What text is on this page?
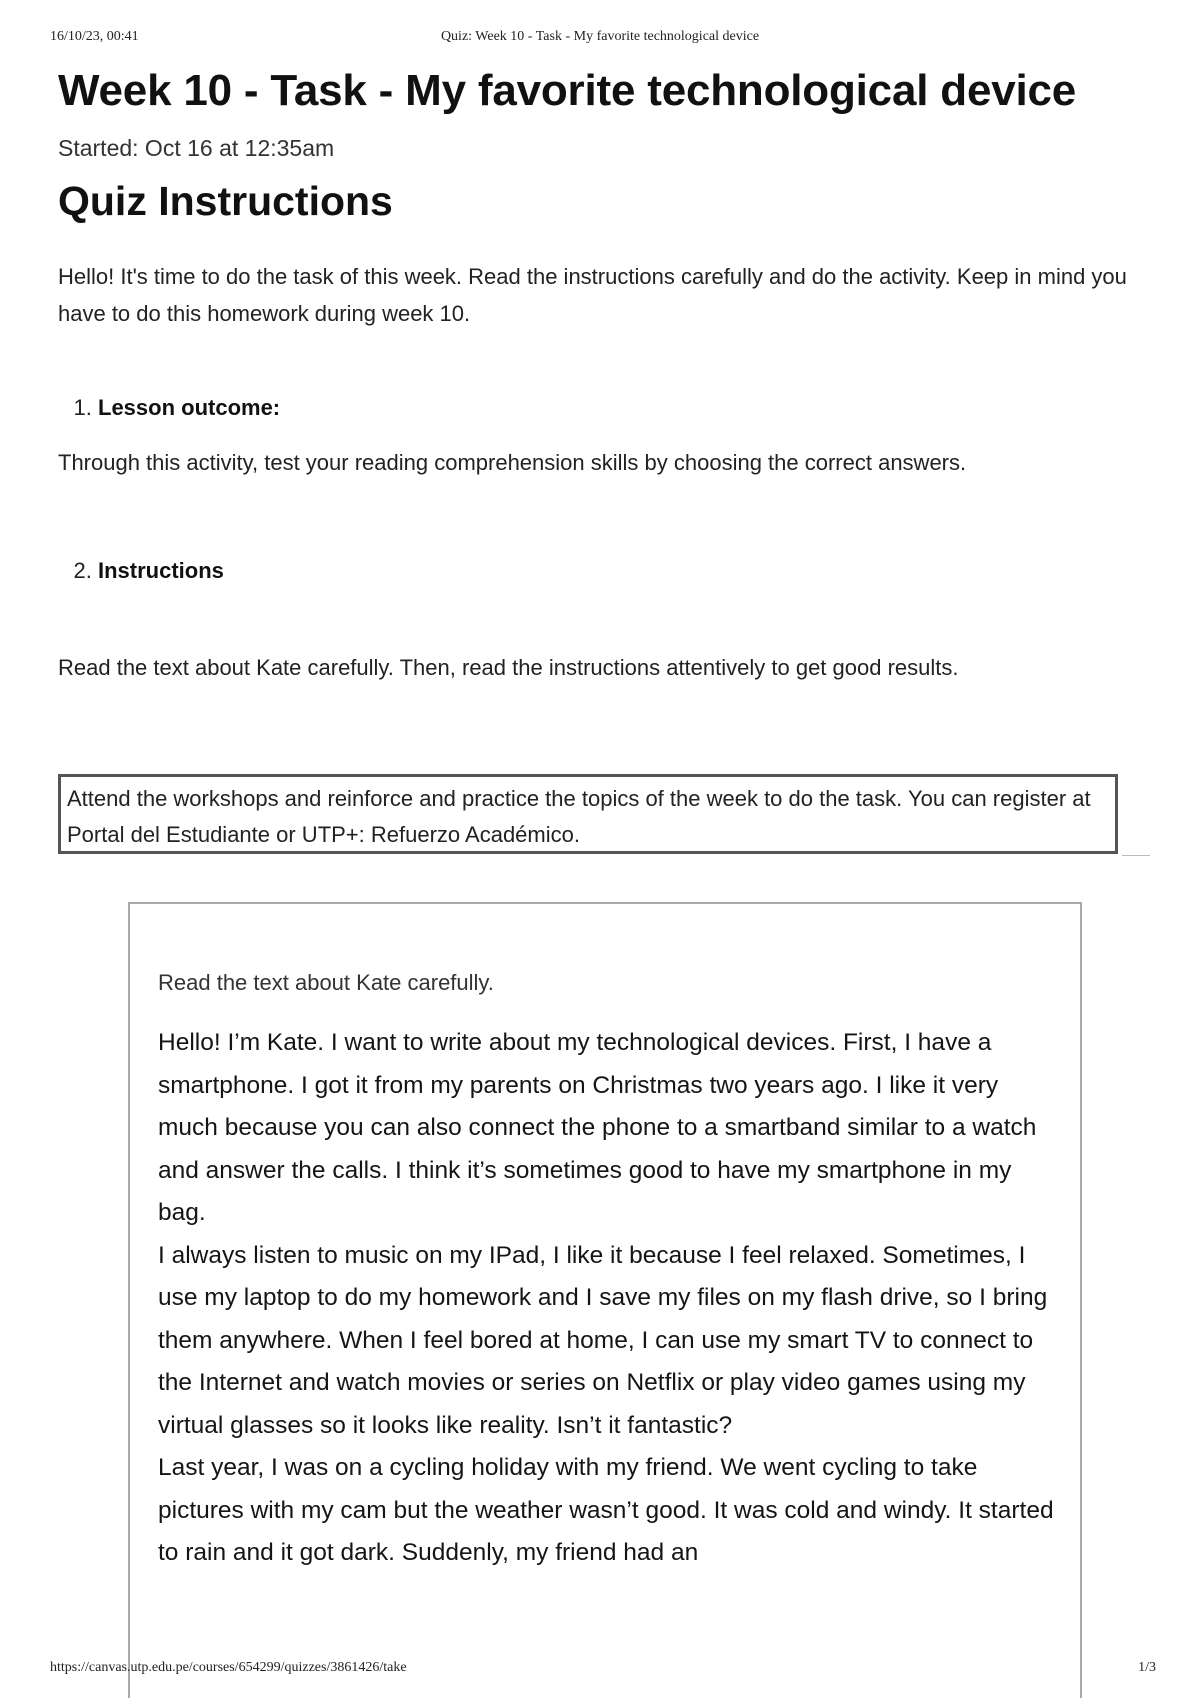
16/10/23, 00:41	Quiz: Week 10 - Task - My favorite technological device
Week 10 - Task - My favorite technological device
Started: Oct 16 at 12:35am
Quiz Instructions

Hello! It's time to do the task of this week. Read the instructions carefully and do the activity. Keep in mind you have to do this homework during week 10.

1. Lesson outcome:

Through this activity, test your reading comprehension skills by choosing the correct answers.

2. Instructions

Read the text about Kate carefully. Then, read the instructions attentively to get good results.

Attend the workshops and reinforce and practice the topics of the week to do the task. You can register at Portal del Estudiante or UTP+: Refuerzo Académico.
Read the text about Kate carefully.

Hello! I’m Kate. I want to write about my technological devices. First, I have a smartphone. I got it from my parents on Christmas two years ago. I like it very much because you can also connect the phone to a smartband similar to a watch and answer the calls. I think it’s sometimes good to have my smartphone in my bag.

I always listen to music on my IPad, I like it because I feel relaxed. Sometimes, I use my laptop to do my homework and I save my files on my flash drive, so I bring them anywhere. When I feel bored at home, I can use my smart TV to connect to the Internet and watch movies or series on Netflix or play video games using my virtual glasses so it looks like reality. Isn’t it fantastic?

Last year, I was on a cycling holiday with my friend. We went cycling to take pictures with my cam but the weather wasn’t good. It was cold and windy. It started to rain and it got dark. Suddenly, my friend had an

https://canvas.utp.edu.pe/courses/654299/quizzes/3861426/take	1/3
